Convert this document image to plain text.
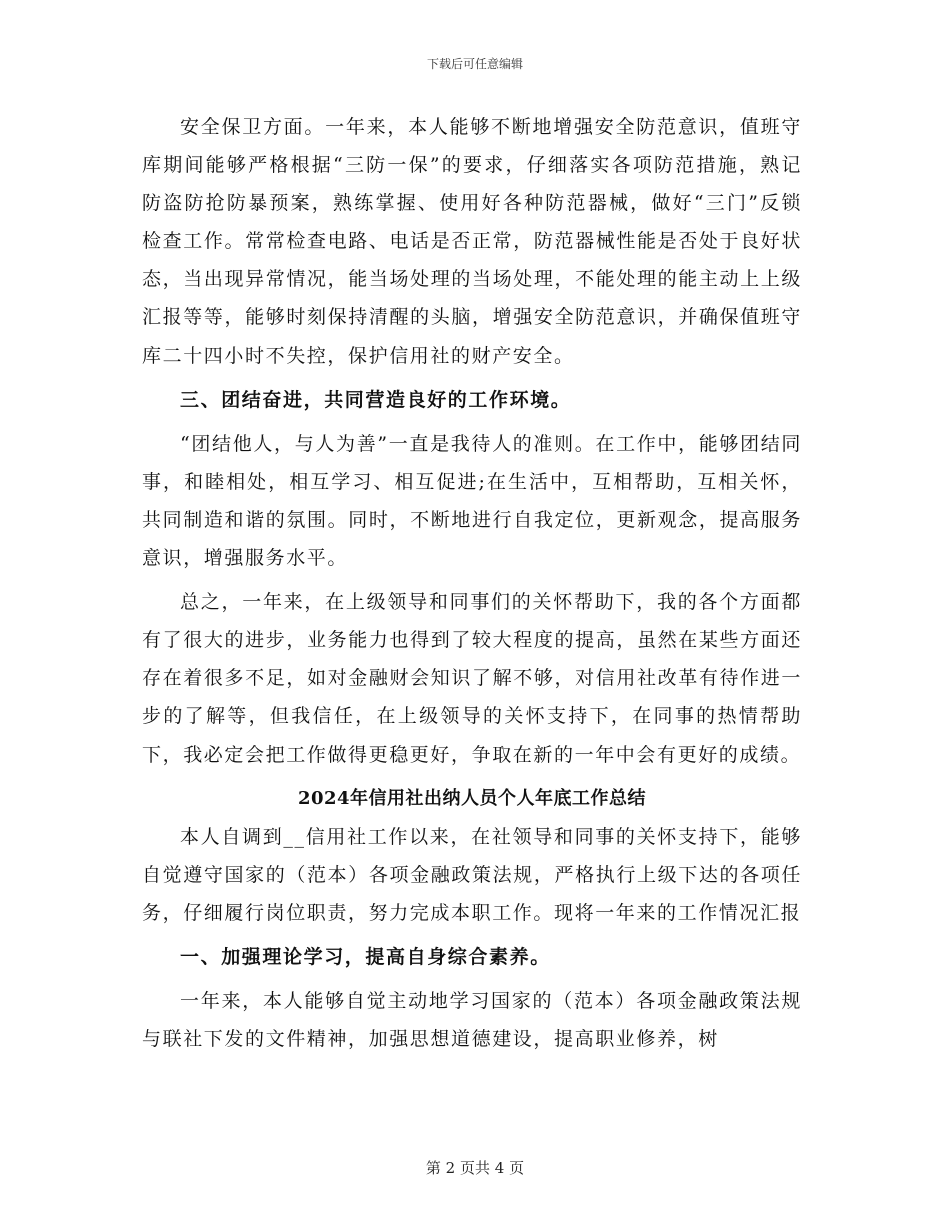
下载后可任意编辑

安全保卫方面。一年来，本人能够不断地增强安全防范意识，值班守库期间能够严格根据“三防一保”的要求，仔细落实各项防范措施，熟记防盗防抢防暴预案，熟练掌握、使用好各种防范器械，做好“三门”反锁检查工作。常常检查电路、电话是否正常，防范器械性能是否处于良好状态，当出现异常情况，能当场处理的当场处理，不能处理的能主动上上级汇报等等，能够时刻保持清醒的头脑，增强安全防范意识，并确保值班守库二十四小时不失控，保护信用社的财产安全。

三、团结奋进，共同营造良好的工作环境。

“团结他人，与人为善”一直是我待人的准则。在工作中，能够团结同事，和睦相处，相互学习、相互促进;在生活中，互相帮助，互相关怀，共同制造和谐的氛围。同时，不断地进行自我定位，更新观念，提高服务意识，增强服务水平。

总之，一年来，在上级领导和同事们的关怀帮助下，我的各个方面都有了很大的进步，业务能力也得到了较大程度的提高，虽然在某些方面还存在着很多不足，如对金融财会知识了解不够，对信用社改革有待作进一步的了解等，但我信任，在上级领导的关怀支持下，在同事的热情帮助下，我必定会把工作做得更稳更好，争取在新的一年中会有更好的成绩。

2024年信用社出纳人员个人年底工作总结

本人自调到__信用社工作以来，在社领导和同事的关怀支持下，能够自觉遵守国家的（范本）各项金融政策法规，严格执行上级下达的各项任务，仔细履行岗位职责，努力完成本职工作。现将一年来的工作情况汇报

一、加强理论学习，提高自身综合素养。

一年来，本人能够自觉主动地学习国家的（范本）各项金融政策法规与联社下发的文件精神，加强思想道德建设，提高职业修养，树

第 2 页共 4 页
